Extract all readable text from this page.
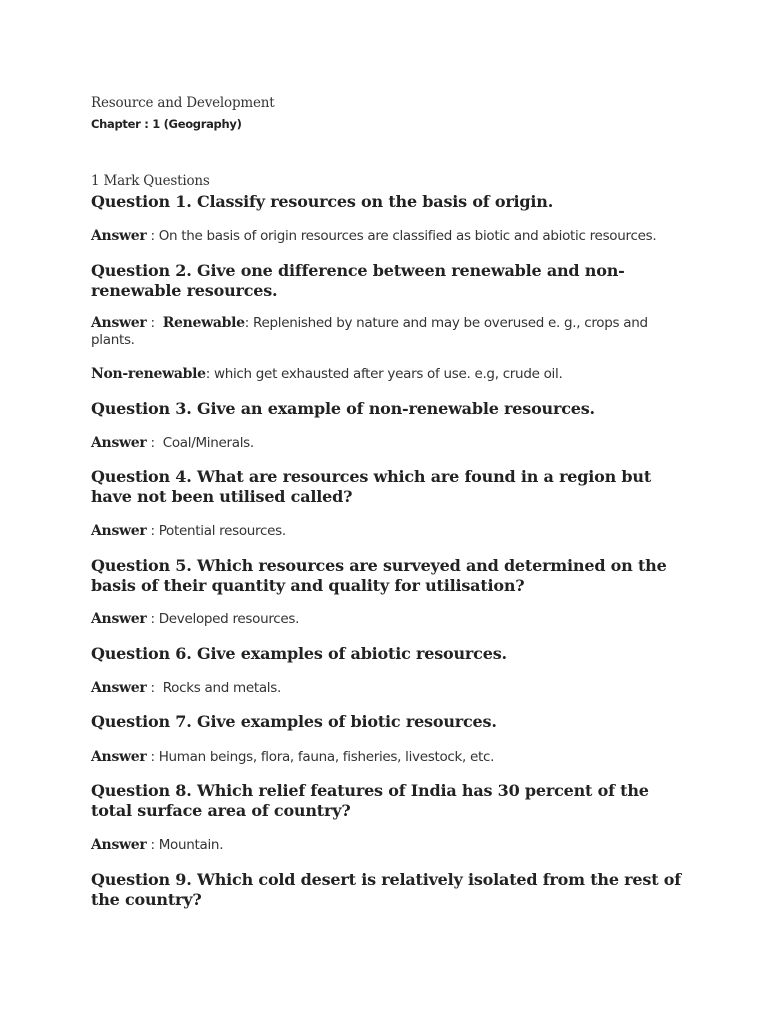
Resource and Development
Chapter : 1 (Geography)
1 Mark Questions
Question 1. Classify resources on the basis of origin.
Answer : On the basis of origin resources are classified as biotic and abiotic resources.
Question 2. Give one difference between renewable and non-renewable resources.
Answer :  Renewable: Replenished by nature and may be overused e. g., crops and plants.
Non-renewable: which get exhausted after years of use. e.g, crude oil.
Question 3. Give an example of non-renewable resources.
Answer :  Coal/Minerals.
Question 4. What are resources which are found in a region but have not been utilised called?
Answer : Potential resources.
Question 5. Which resources are surveyed and determined on the basis of their quantity and quality for utilisation?
Answer : Developed resources.
Question 6. Give examples of abiotic resources.
Answer :  Rocks and metals.
Question 7. Give examples of biotic resources.
Answer : Human beings, flora, fauna, fisheries, livestock, etc.
Question 8. Which relief features of India has 30 percent of the total surface area of country?
Answer : Mountain.
Question 9. Which cold desert is relatively isolated from the rest of the country?
